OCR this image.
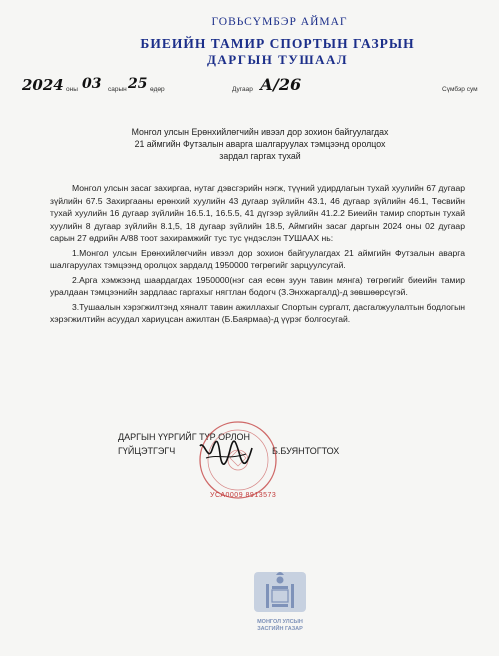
ГОВЬСҮМБЭР АЙМАГ
БИЕИЙН ТАМИР СПОРТЫН ГАЗРЫН
ДАРГЫН ТУШААЛ
2024 оны 03 сарын 25 өдөр	Дугаар А/26	Сүмбэр сум
Монгол улсын Ерөнхийлөгчийн ивээл дор зохион байгуулагдах
21 аймгийн Футзалын аварга шалгаруулах тэмцээнд оролцох
зардал гаргах тухай

Монгол улсын засаг захиргаа, нутаг дэвсгэрийн нэгж, түүний удирдлагын тухай хуулийн 67 дугаар зүйлийн 67.5 Захиргааны ерөнхий хуулийн 43 дугаар зүйлийн 43.1, 46 дугаар зүйлийн 46.1, Төсвийн тухай хуулийн 16 дугаар зүйлийн 16.5.1, 16.5.5, 41 дүгээр зүйлийн 41.2.2 Биеийн тамир спортын тухай хуулийн 8 дугаар зүйлийн 8.1,5, 18 дугаар зүйлийн 18.5, Аймгийн засаг даргын 2024 оны 02 дугаар сарын 27 өдрийн А/88 тоот захирамжийг тус тус үндэслэн ТУШААХ нь:

1.Монгол улсын Ерөнхийлөгчийн ивээл дор зохион байгуулагдах 21 аймгийн Футзалын аварга шалгаруулах тэмцээнд оролцох зардалд 1950000 төгрөгийг зарцуулсугай.

2.Арга хэмжээнд шаардагдах 1950000(нэг сая есөн зуун тавин мянга) төгрөгийг биеийн тамир уралдаан тэмцээнийн зардлаас гаргахыг нягтлан бодогч (З.Энхжаргалд)-д зөвшөөрсүгэй.

3.Тушаалын хэрэгжилтэнд хяналт тавин ажиллахыг Спортын сургалт, дасгалжуулалтын бодлогын хэрэгжилтийн асуудал хариуцсан ажилтан (Б.Баярмаа)-д үүрэг болгосугай.

ДАРГЫН ҮҮРГИЙГ ТҮР ОРЛОН
ГҮЙЦЭТГЭГЧ	Б.БУЯНТОГТОХ
УСА0009 8913573
МОНГОЛ УЛСЫН
ЗАСГИЙН ГАЗАР
